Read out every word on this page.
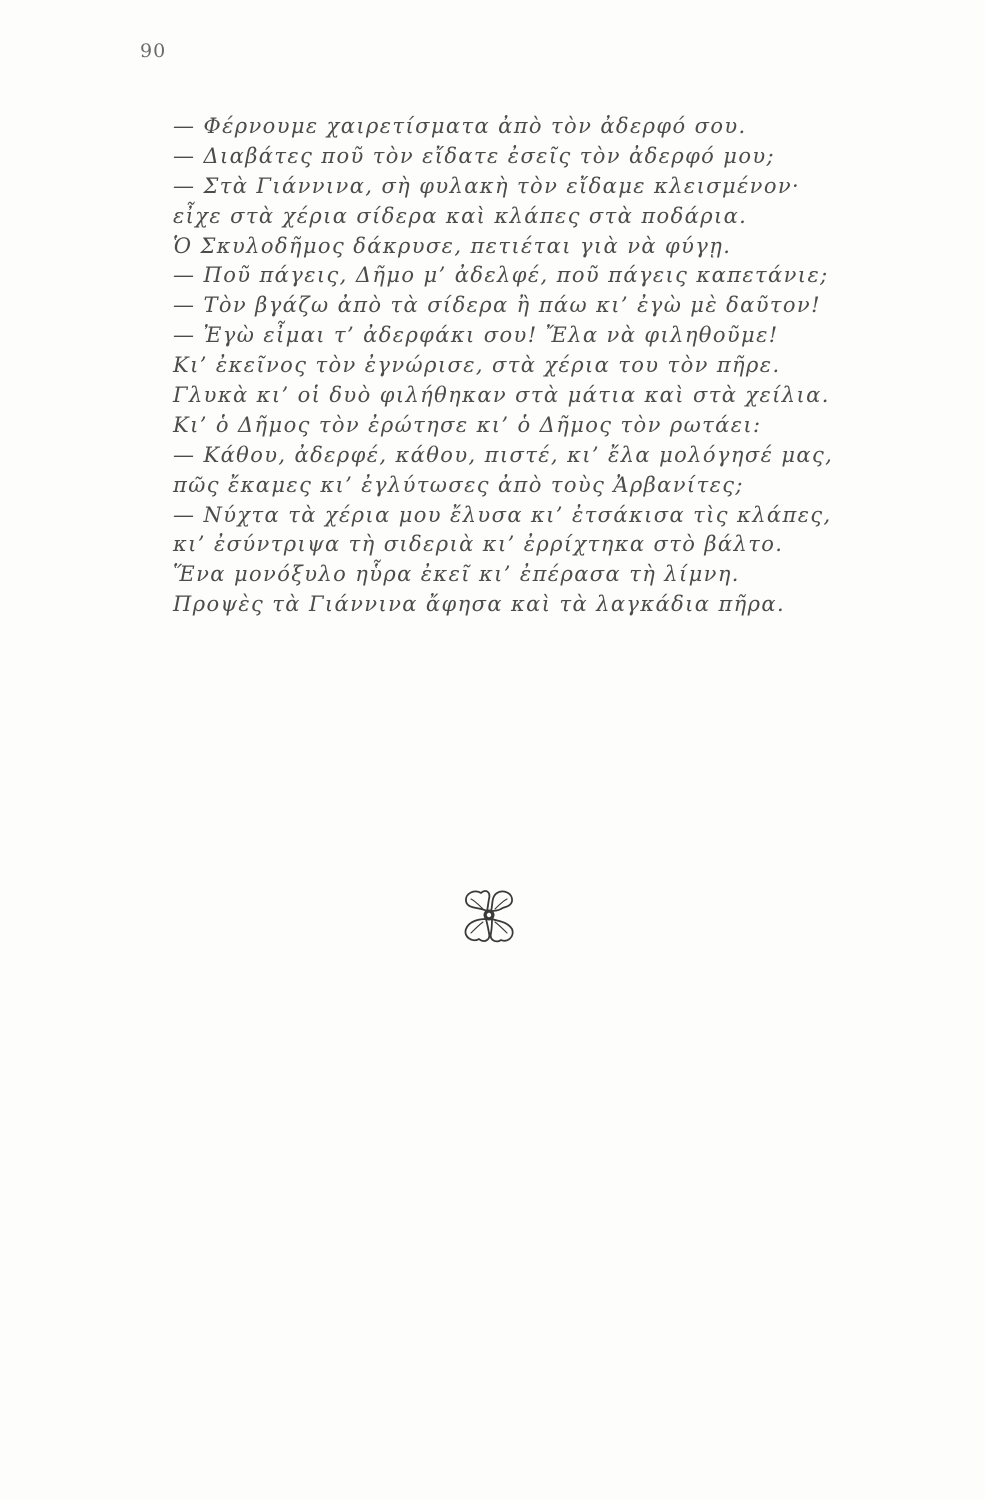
90
— Φέρνουμε χαιρετίσματα ἀπὸ τὸν ἀδερφό σου.
— Διαβάτες ποῦ τὸν εἴδατε ἐσεῖς τὸν ἀδερφό μου;
— Στὰ Γιάννινα, σὴ φυλακὴ τὸν εἴδαμε κλεισμένον·
εἶχε στὰ χέρια σίδερα καὶ κλάπες στὰ ποδάρια.
Ὁ Σκυλοδῆμος δάκρυσε, πετιέται γιὰ νὰ φύγῃ.
— Ποῦ πάγεις, Δῆμο μ’ ἀδελφέ, ποῦ πάγεις καπετάνιε;
— Τὸν βγάζω ἀπὸ τὰ σίδερα ἢ πάω κι’ ἐγὼ μὲ δαῦτον!
— Ἐγὼ εἶμαι τ’ ἀδερφάκι σου! Ἔλα νὰ φιληθοῦμε!
Κι’ ἐκεῖνος τὸν ἐγνώρισε, στὰ χέρια του τὸν πῆρε.
Γλυκὰ κι’ οἱ δυὸ φιλήθηκαν στὰ μάτια καὶ στὰ χείλια.
Κι’ ὁ Δῆμος τὸν ἐρώτησε κι’ ὁ Δῆμος τὸν ρωτάει:
— Κάθου, ἀδερφέ, κάθου, πιστέ, κι’ ἔλα μολόγησέ μας,
πῶς ἔκαμες κι’ ἐγλύτωσες ἀπὸ τοὺς Ἀρβανίτες;
— Νύχτα τὰ χέρια μου ἔλυσα κι’ ἐτσάκισα τὶς κλάπες,
κι’ ἐσύντριψα τὴ σιδεριὰ κι’ ἐρρίχτηκα στὸ βάλτο.
Ἕνα μονόξυλο ηὗρα ἐκεῖ κι’ ἐπέρασα τὴ λίμνη.
Προψὲς τὰ Γιάννινα ἄφησα καὶ τὰ λαγκάδια πῆρα.
